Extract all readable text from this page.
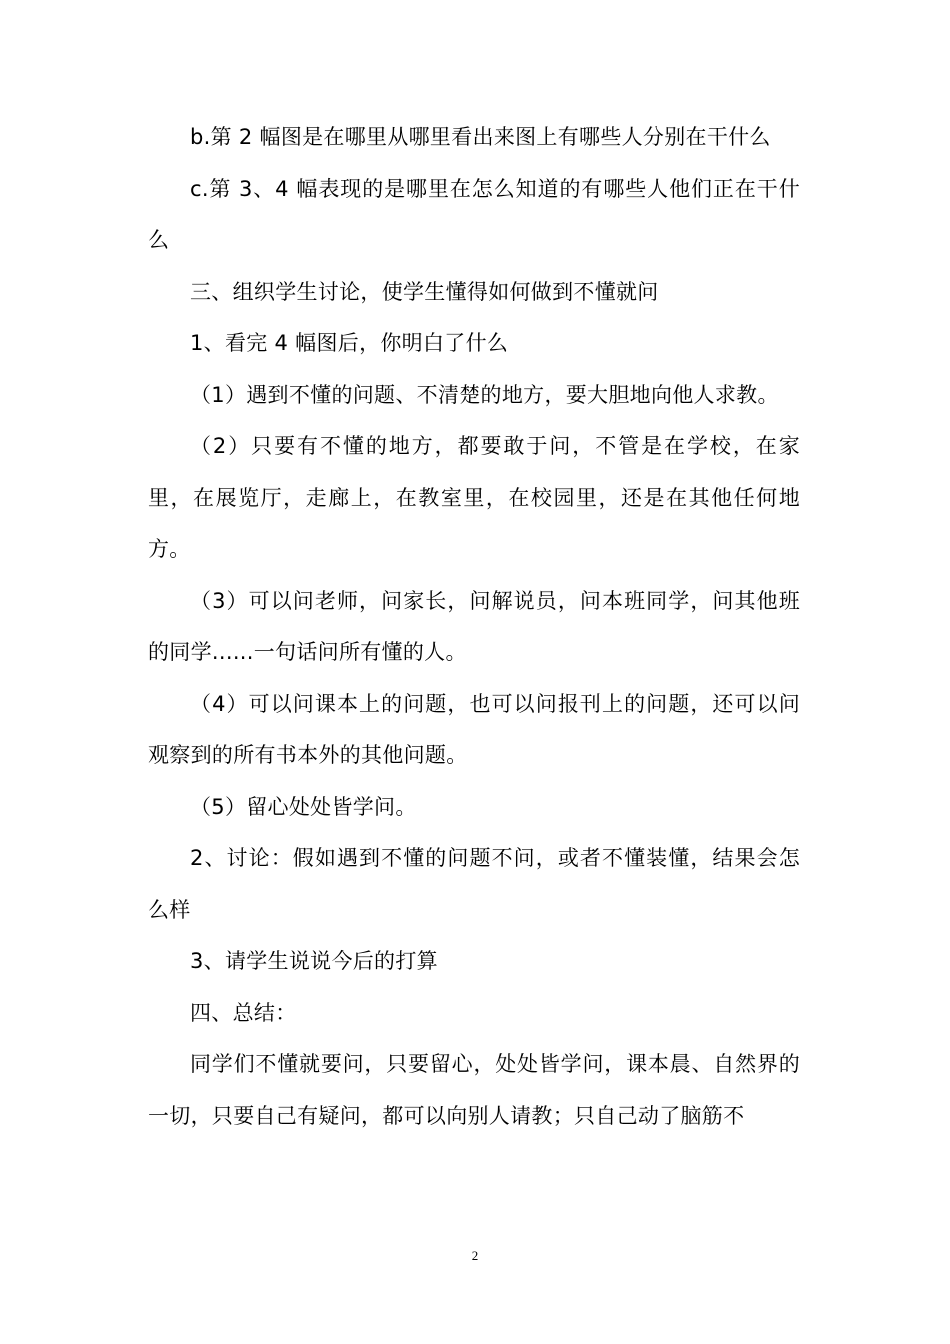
b.第 2 幅图是在哪里从哪里看出来图上有哪些人分别在干什么

c.第 3、4 幅表现的是哪里在怎么知道的有哪些人他们正在干什么

三、组织学生讨论，使学生懂得如何做到不懂就问

1、看完 4 幅图后，你明白了什么

（1）遇到不懂的问题、不清楚的地方，要大胆地向他人求教。

（2）只要有不懂的地方，都要敢于问，不管是在学校，在家里，在展览厅，走廊上，在教室里，在校园里，还是在其他任何地方。

（3）可以问老师，问家长，问解说员，问本班同学，问其他班的同学......一句话问所有懂的人。

（4）可以问课本上的问题，也可以问报刊上的问题，还可以问观察到的所有书本外的其他问题。

（5）留心处处皆学问。

2、讨论：假如遇到不懂的问题不问，或者不懂装懂，结果会怎么样

3、请学生说说今后的打算

四、总结：

同学们不懂就要问，只要留心，处处皆学问，课本晨、自然界的一切，只要自己有疑问，都可以向别人请教；只自己动了脑筋不

2
